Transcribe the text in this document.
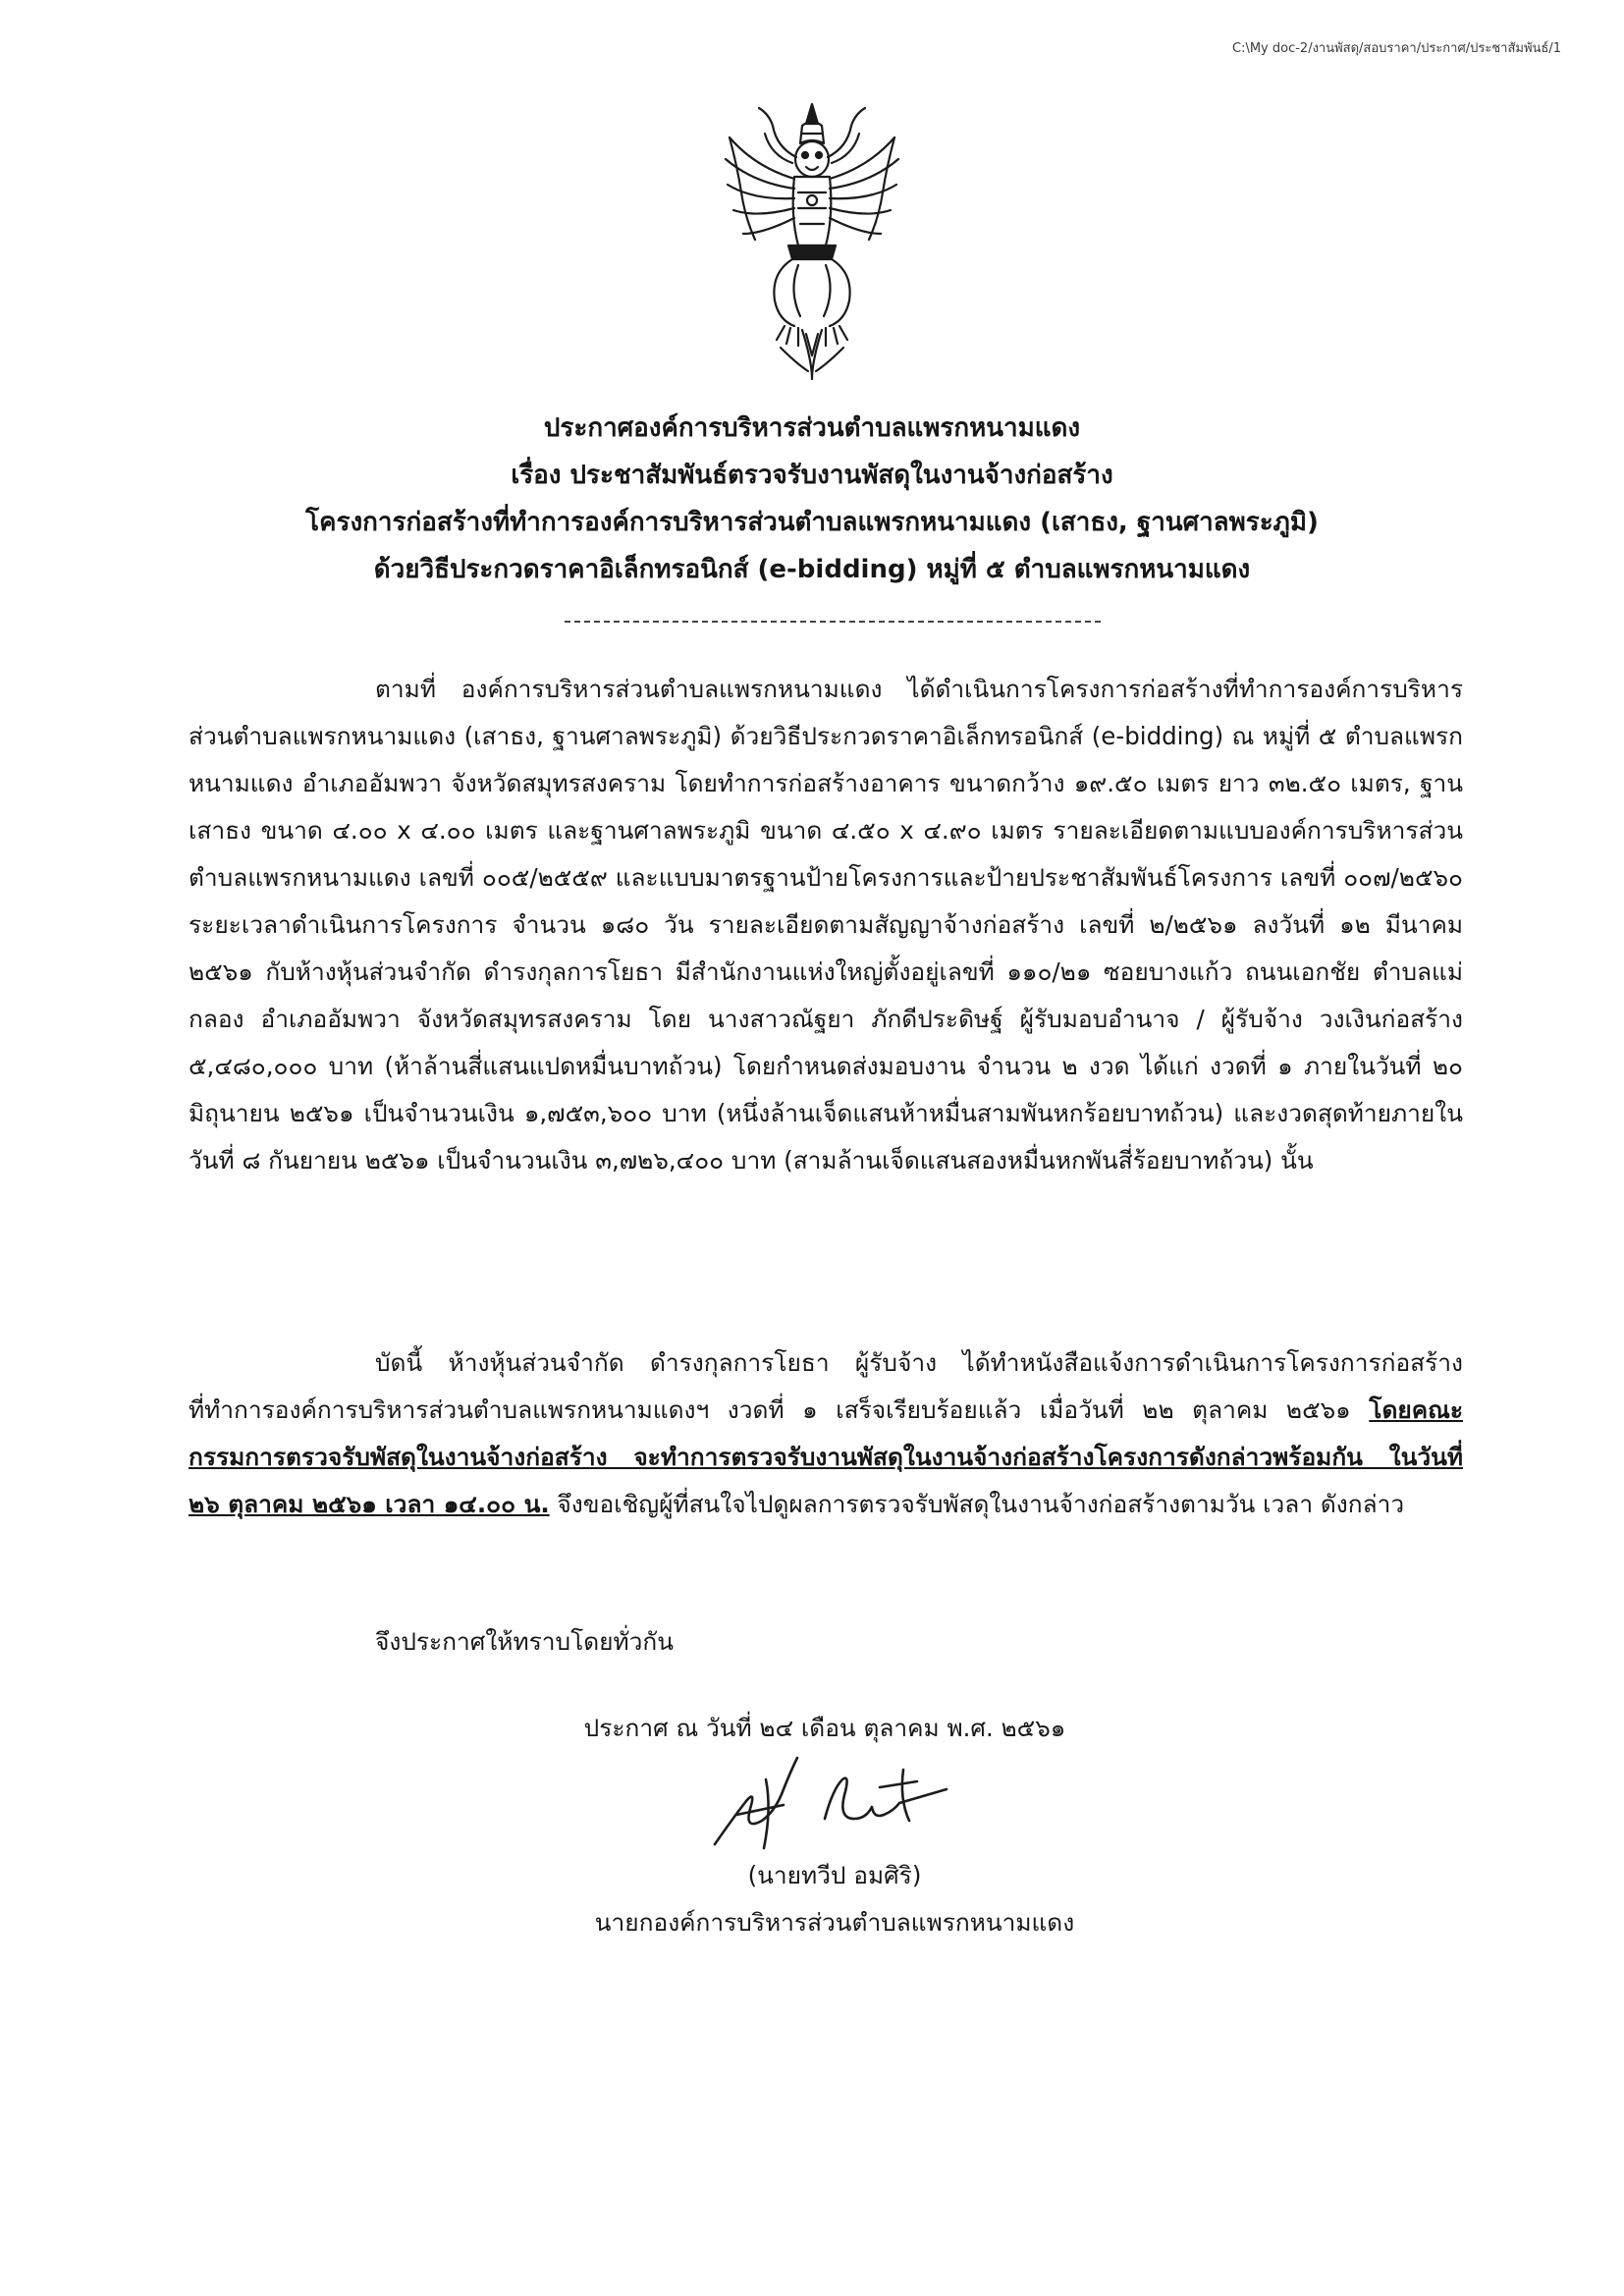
C:\My doc-2/งานพัสดุ/สอบราคา/ประกาศ/ประชาสัมพันธ์/1
ประกาศองค์การบริหารส่วนตำบลแพรกหนามแดง
เรื่อง ประชาสัมพันธ์ตรวจรับงานพัสดุในงานจ้างก่อสร้าง
โครงการก่อสร้างที่ทำการองค์การบริหารส่วนตำบลแพรกหนามแดง (เสาธง, ฐานศาลพระภูมิ)
ด้วยวิธีประกวดราคาอิเล็กทรอนิกส์ (e-bidding) หมู่ที่ ๕ ตำบลแพรกหนามแดง

ตามที่ องค์การบริหารส่วนตำบลแพรกหนามแดง ได้ดำเนินการโครงการก่อสร้างที่ทำการองค์การบริหารส่วนตำบลแพรกหนามแดง (เสาธง, ฐานศาลพระภูมิ) ด้วยวิธีประกวดราคาอิเล็กทรอนิกส์ (e-bidding) ณ หมู่ที่ ๕ ตำบลแพรกหนามแดง อำเภออัมพวา จังหวัดสมุทรสงคราม โดยทำการก่อสร้างอาคาร ขนาดกว้าง ๑๙.๕๐ เมตร ยาว ๓๒.๕๐ เมตร, ฐานเสาธง ขนาด ๔.๐๐ x ๔.๐๐ เมตร และฐานศาลพระภูมิ ขนาด ๔.๕๐ x ๔.๙๐ เมตร รายละเอียดตามแบบองค์การบริหารส่วนตำบลแพรกหนามแดง เลขที่ ๐๐๕/๒๕๕๙ และแบบมาตรฐานป้ายโครงการและป้ายประชาสัมพันธ์โครงการ เลขที่ ๐๐๗/๒๕๖๐ ระยะเวลาดำเนินการโครงการ จำนวน ๑๘๐ วัน รายละเอียดตามสัญญาจ้างก่อสร้าง เลขที่ ๒/๒๕๖๑ ลงวันที่ ๑๒ มีนาคม ๒๕๖๑ กับห้างหุ้นส่วนจำกัด ดำรงกุลการโยธา มีสำนักงานแห่งใหญ่ตั้งอยู่เลขที่ ๑๑๐/๒๑ ซอยบางแก้ว ถนนเอกชัย ตำบลแม่กลอง อำเภออัมพวา จังหวัดสมุทรสงคราม โดย นางสาวณัฐยา ภักดีประดิษฐ์ ผู้รับมอบอำนาจ / ผู้รับจ้าง วงเงินก่อสร้าง ๕,๔๘๐,๐๐๐ บาท (ห้าล้านสี่แสนแปดหมื่นบาทถ้วน) โดยกำหนดส่งมอบงาน จำนวน ๒ งวด ได้แก่ งวดที่ ๑ ภายในวันที่ ๒๐ มิถุนายน ๒๕๖๑ เป็นจำนวนเงิน ๑,๗๕๓,๖๐๐ บาท (หนึ่งล้านเจ็ดแสนห้าหมื่นสามพันหกร้อยบาทถ้วน) และงวดสุดท้ายภายในวันที่ ๘ กันยายน ๒๕๖๑ เป็นจำนวนเงิน ๓,๗๒๖,๔๐๐ บาท (สามล้านเจ็ดแสนสองหมื่นหกพันสี่ร้อยบาทถ้วน) นั้น

บัดนี้ ห้างหุ้นส่วนจำกัด ดำรงกุลการโยธา ผู้รับจ้าง ได้ทำหนังสือแจ้งการดำเนินการโครงการก่อสร้างที่ทำการองค์การบริหารส่วนตำบลแพรกหนามแดงฯ งวดที่ ๑ เสร็จเรียบร้อยแล้ว เมื่อวันที่ ๒๒ ตุลาคม ๒๕๖๑ โดยคณะกรรมการตรวจรับพัสดุในงานจ้างก่อสร้าง จะทำการตรวจรับงานพัสดุในงานจ้างก่อสร้างโครงการดังกล่าวพร้อมกัน ในวันที่ ๒๖ ตุลาคม ๒๕๖๑ เวลา ๑๔.๐๐ น. จึงขอเชิญผู้ที่สนใจไปดูผลการตรวจรับพัสดุในงานจ้างก่อสร้างตามวัน เวลา ดังกล่าว

จึงประกาศให้ทราบโดยทั่วกัน
ประกาศ ณ วันที่ ๒๔ เดือน ตุลาคม พ.ศ. ๒๕๖๑
(นายทวีป อมศิริ)
นายกองค์การบริหารส่วนตำบลแพรกหนามแดง
